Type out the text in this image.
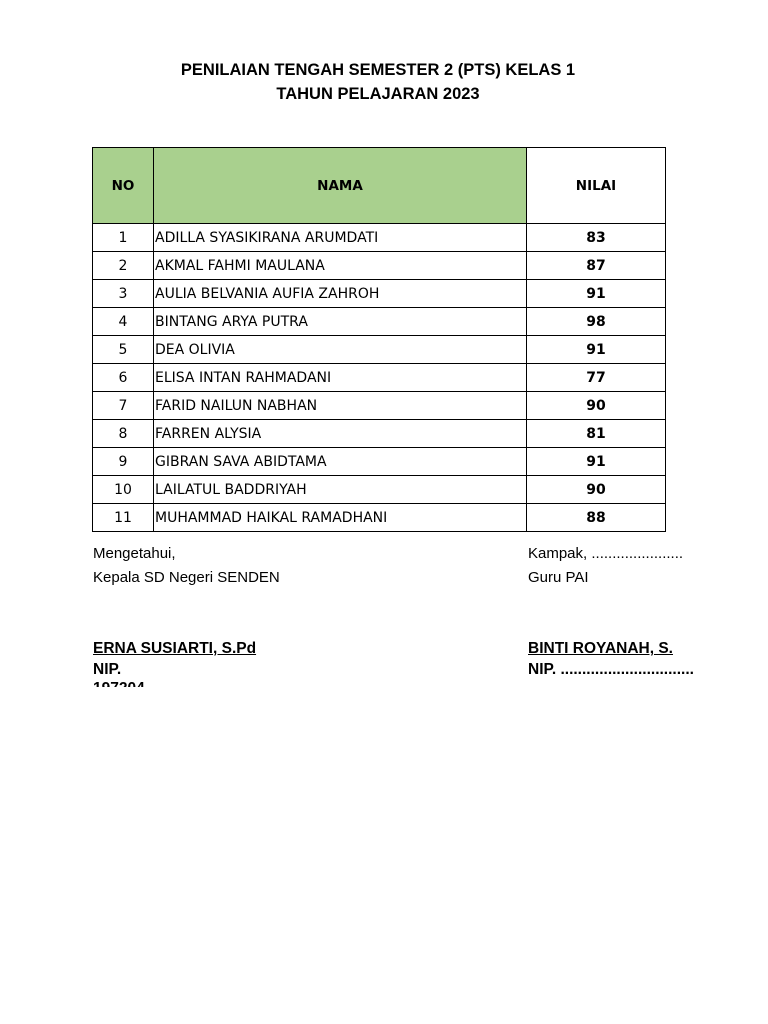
PENILAIAN TENGAH SEMESTER 2 (PTS) KELAS 1
TAHUN PELAJARAN 2023
NO	NAMA	NILAI
1	ADILLA SYASIKIRANA ARUMDATI	83
2	AKMAL FAHMI MAULANA	87
3	AULIA BELVANIA AUFIA ZAHROH	91
4	BINTANG ARYA PUTRA	98
5	DEA OLIVIA	91
6	ELISA INTAN RAHMADANI	77
7	FARID NAILUN NABHAN	90
8	FARREN ALYSIA	81
9	GIBRAN SAVA ABIDTAMA	91
10	LAILATUL BADDRIYAH	90
11	MUHAMMAD HAIKAL RAMADHANI	88
Mengetahui,
Kepala SD Negeri SENDEN
ERNA SUSIARTI, S.Pd
NIP.
Kampak, ......................
Guru PAI
BINTI ROYANAH, S.
NIP. ...............................
